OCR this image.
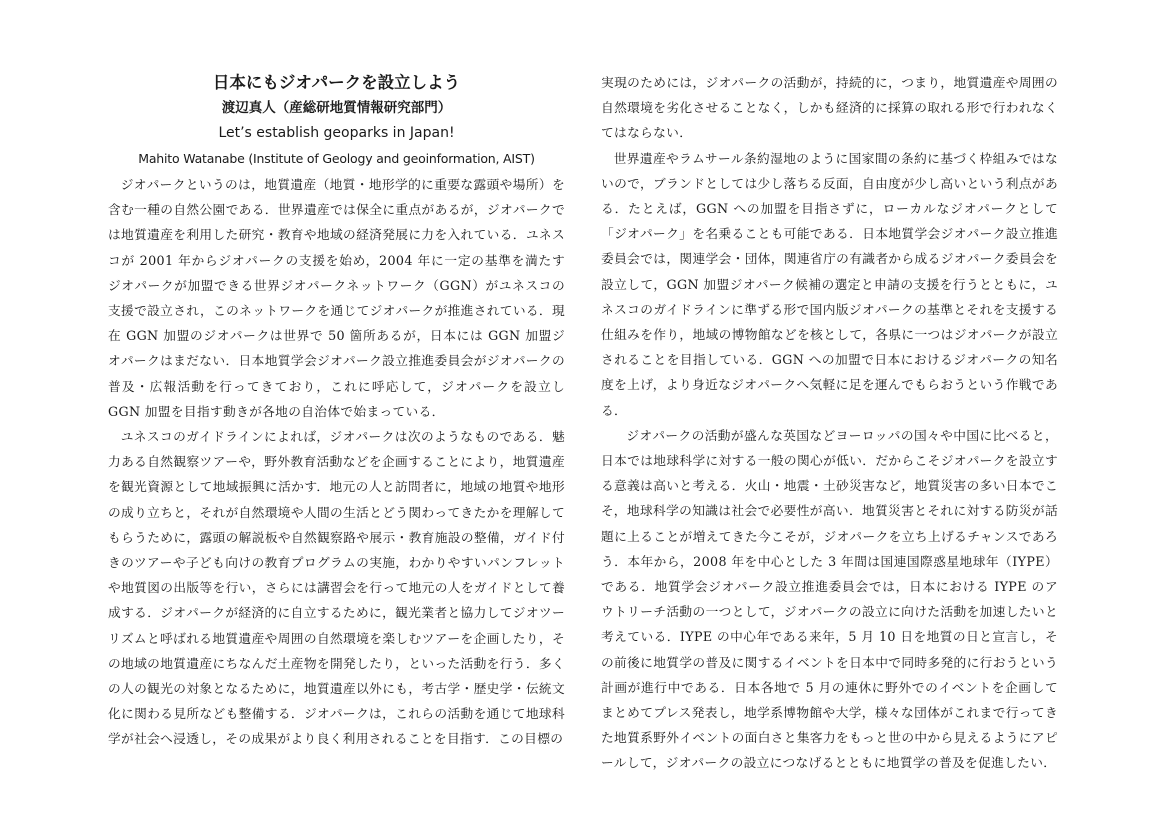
日本にもジオパークを設立しよう
渡辺真人（産総研地質情報研究部門）
Let’s establish geoparks in Japan!
Mahito Watanabe (Institute of Geology and geoinformation, AIST)

ジオパークというのは，地質遺産（地質・地形学的に重要な露頭や場所）を含む一種の自然公園である．世界遺産では保全に重点があるが，ジオパークでは地質遺産を利用した研究・教育や地域の経済発展に力を入れている．ユネスコが 2001 年からジオパークの支援を始め，2004 年に一定の基準を満たすジオパークが加盟できる世界ジオパークネットワーク（GGN）がユネスコの支援で設立され，このネットワークを通じてジオパークが推進されている．現在 GGN 加盟のジオパークは世界で 50 箇所あるが，日本には GGN 加盟ジオパークはまだない．日本地質学会ジオパーク設立推進委員会がジオパークの普及・広報活動を行ってきており，これに呼応して，ジオパークを設立し GGN 加盟を目指す動きが各地の自治体で始まっている．

ユネスコのガイドラインによれば，ジオパークは次のようなものである．魅力ある自然観察ツアーや，野外教育活動などを企画することにより，地質遺産を観光資源として地域振興に活かす．地元の人と訪問者に，地域の地質や地形の成り立ちと，それが自然環境や人間の生活とどう関わってきたかを理解してもらうために，露頭の解説板や自然観察路や展示・教育施設の整備，ガイド付きのツアーや子ども向けの教育プログラムの実施，わかりやすいパンフレットや地質図の出版等を行い，さらには講習会を行って地元の人をガイドとして養成する．ジオパークが経済的に自立するために，観光業者と協力してジオツーリズムと呼ばれる地質遺産や周囲の自然環境を楽しむツアーを企画したり，その地域の地質遺産にちなんだ土産物を開発したり，といった活動を行う．多くの人の観光の対象となるために，地質遺産以外にも，考古学・歴史学・伝統文化に関わる見所なども整備する．ジオパークは，これらの活動を通じて地球科学が社会へ浸透し，その成果がより良く利用されることを目指す．この目標の

実現のためには，ジオパークの活動が，持続的に，つまり，地質遺産や周囲の自然環境を劣化させることなく，しかも経済的に採算の取れる形で行われなくてはならない．

世界遺産やラムサール条約湿地のように国家間の条約に基づく枠組みではないので，ブランドとしては少し落ちる反面，自由度が少し高いという利点がある．たとえば，GGN への加盟を目指さずに，ローカルなジオパークとして「ジオパーク」を名乗ることも可能である．日本地質学会ジオパーク設立推進委員会では，関連学会・団体，関連省庁の有識者から成るジオパーク委員会を設立して，GGN 加盟ジオパーク候補の選定と申請の支援を行うとともに，ユネスコのガイドラインに準ずる形で国内版ジオパークの基準とそれを支援する仕組みを作り，地域の博物館などを核として，各県に一つはジオパークが設立されることを目指している．GGN への加盟で日本におけるジオパークの知名度を上げ，より身近なジオパークへ気軽に足を運んでもらおうという作戦である．

ジオパークの活動が盛んな英国などヨーロッパの国々や中国に比べると，日本では地球科学に対する一般の関心が低い．だからこそジオパークを設立する意義は高いと考える．火山・地震・土砂災害など，地質災害の多い日本でこそ，地球科学の知識は社会で必要性が高い．地質災害とそれに対する防災が話題に上ることが増えてきた今こそが，ジオパークを立ち上げるチャンスであろう．本年から，2008 年を中心とした 3 年間は国連国際惑星地球年（IYPE）である．地質学会ジオパーク設立推進委員会では，日本における IYPE のアウトリーチ活動の一つとして，ジオパークの設立に向けた活動を加速したいと考えている．IYPE の中心年である来年，5 月 10 日を地質の日と宣言し，その前後に地質学の普及に関するイベントを日本中で同時多発的に行おうという計画が進行中である．日本各地で 5 月の連休に野外でのイベントを企画してまとめてプレス発表し，地学系博物館や大学，様々な団体がこれまで行ってきた地質系野外イベントの面白さと集客力をもっと世の中から見えるようにアピールして，ジオパークの設立につなげるとともに地質学の普及を促進したい．
